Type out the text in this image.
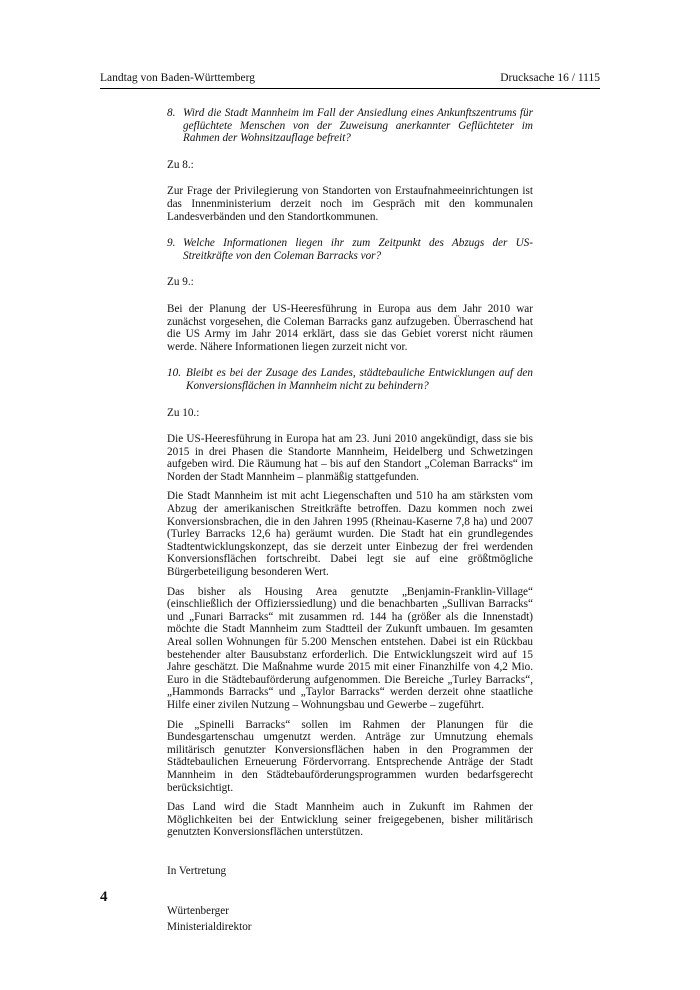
Landtag von Baden-Württemberg	Drucksache 16 / 1115
8. Wird die Stadt Mannheim im Fall der Ansiedlung eines Ankunftszentrums für geflüchtete Menschen von der Zuweisung anerkannter Geflüchteter im Rahmen der Wohnsitzauflage befreit?
Zu 8.:

Zur Frage der Privilegierung von Standorten von Erstaufnahmeeinrichtungen ist das Innenministerium derzeit noch im Gespräch mit den kommunalen Landesverbänden und den Standortkommunen.

9. Welche Informationen liegen ihr zum Zeitpunkt des Abzugs der US-Streitkräfte von den Coleman Barracks vor?
Zu 9.:

Bei der Planung der US-Heeresführung in Europa aus dem Jahr 2010 war zunächst vorgesehen, die Coleman Barracks ganz aufzugeben. Überraschend hat die US Army im Jahr 2014 erklärt, dass sie das Gebiet vorerst nicht räumen werde. Nähere Informationen liegen zurzeit nicht vor.

10. Bleibt es bei der Zusage des Landes, städtebauliche Entwicklungen auf den Konversionsflächen in Mannheim nicht zu behindern?
Zu 10.:

Die US-Heeresführung in Europa hat am 23. Juni 2010 angekündigt, dass sie bis 2015 in drei Phasen die Standorte Mannheim, Heidelberg und Schwetzingen aufgeben wird. Die Räumung hat – bis auf den Standort „Coleman Barracks“ im Norden der Stadt Mannheim – planmäßig stattgefunden.

Die Stadt Mannheim ist mit acht Liegenschaften und 510 ha am stärksten vom Abzug der amerikanischen Streitkräfte betroffen. Dazu kommen noch zwei Konversionsbrachen, die in den Jahren 1995 (Rheinau-Kaserne 7,8 ha) und 2007 (Turley Barracks 12,6 ha) geräumt wurden. Die Stadt hat ein grundlegendes Stadtentwicklungskonzept, das sie derzeit unter Einbezug der frei werdenden Konversionsflächen fortschreibt. Dabei legt sie auf eine größtmögliche Bürgerbeteiligung besonderen Wert.

Das bisher als Housing Area genutzte „Benjamin-Franklin-Village“ (einschließlich der Offizierssiedlung) und die benachbarten „Sullivan Barracks“ und „Funari Barracks“ mit zusammen rd. 144 ha (größer als die Innenstadt) möchte die Stadt Mannheim zum Stadtteil der Zukunft umbauen. Im gesamten Areal sollen Wohnungen für 5.200 Menschen entstehen. Dabei ist ein Rückbau bestehender alter Bausubstanz erforderlich. Die Entwicklungszeit wird auf 15 Jahre geschätzt. Die Maßnahme wurde 2015 mit einer Finanzhilfe von 4,2 Mio. Euro in die Städtebauförderung aufgenommen. Die Bereiche „Turley Barracks“, „Hammonds Barracks“ und „Taylor Barracks“ werden derzeit ohne staatliche Hilfe einer zivilen Nutzung – Wohnungsbau und Gewerbe – zugeführt.

Die „Spinelli Barracks“ sollen im Rahmen der Planungen für die Bundesgartenschau umgenutzt werden. Anträge zur Umnutzung ehemals militärisch genutzter Konversionsflächen haben in den Programmen der Städtebaulichen Erneuerung Fördervorrang. Entsprechende Anträge der Stadt Mannheim in den Städtebauförderungsprogrammen wurden bedarfsgerecht berücksichtigt.

Das Land wird die Stadt Mannheim auch in Zukunft im Rahmen der Möglichkeiten bei der Entwicklung seiner freigegebenen, bisher militärisch genutzten Konversionsflächen unterstützen.

In Vertretung

Würtenberger

Ministerialdirektor

4
